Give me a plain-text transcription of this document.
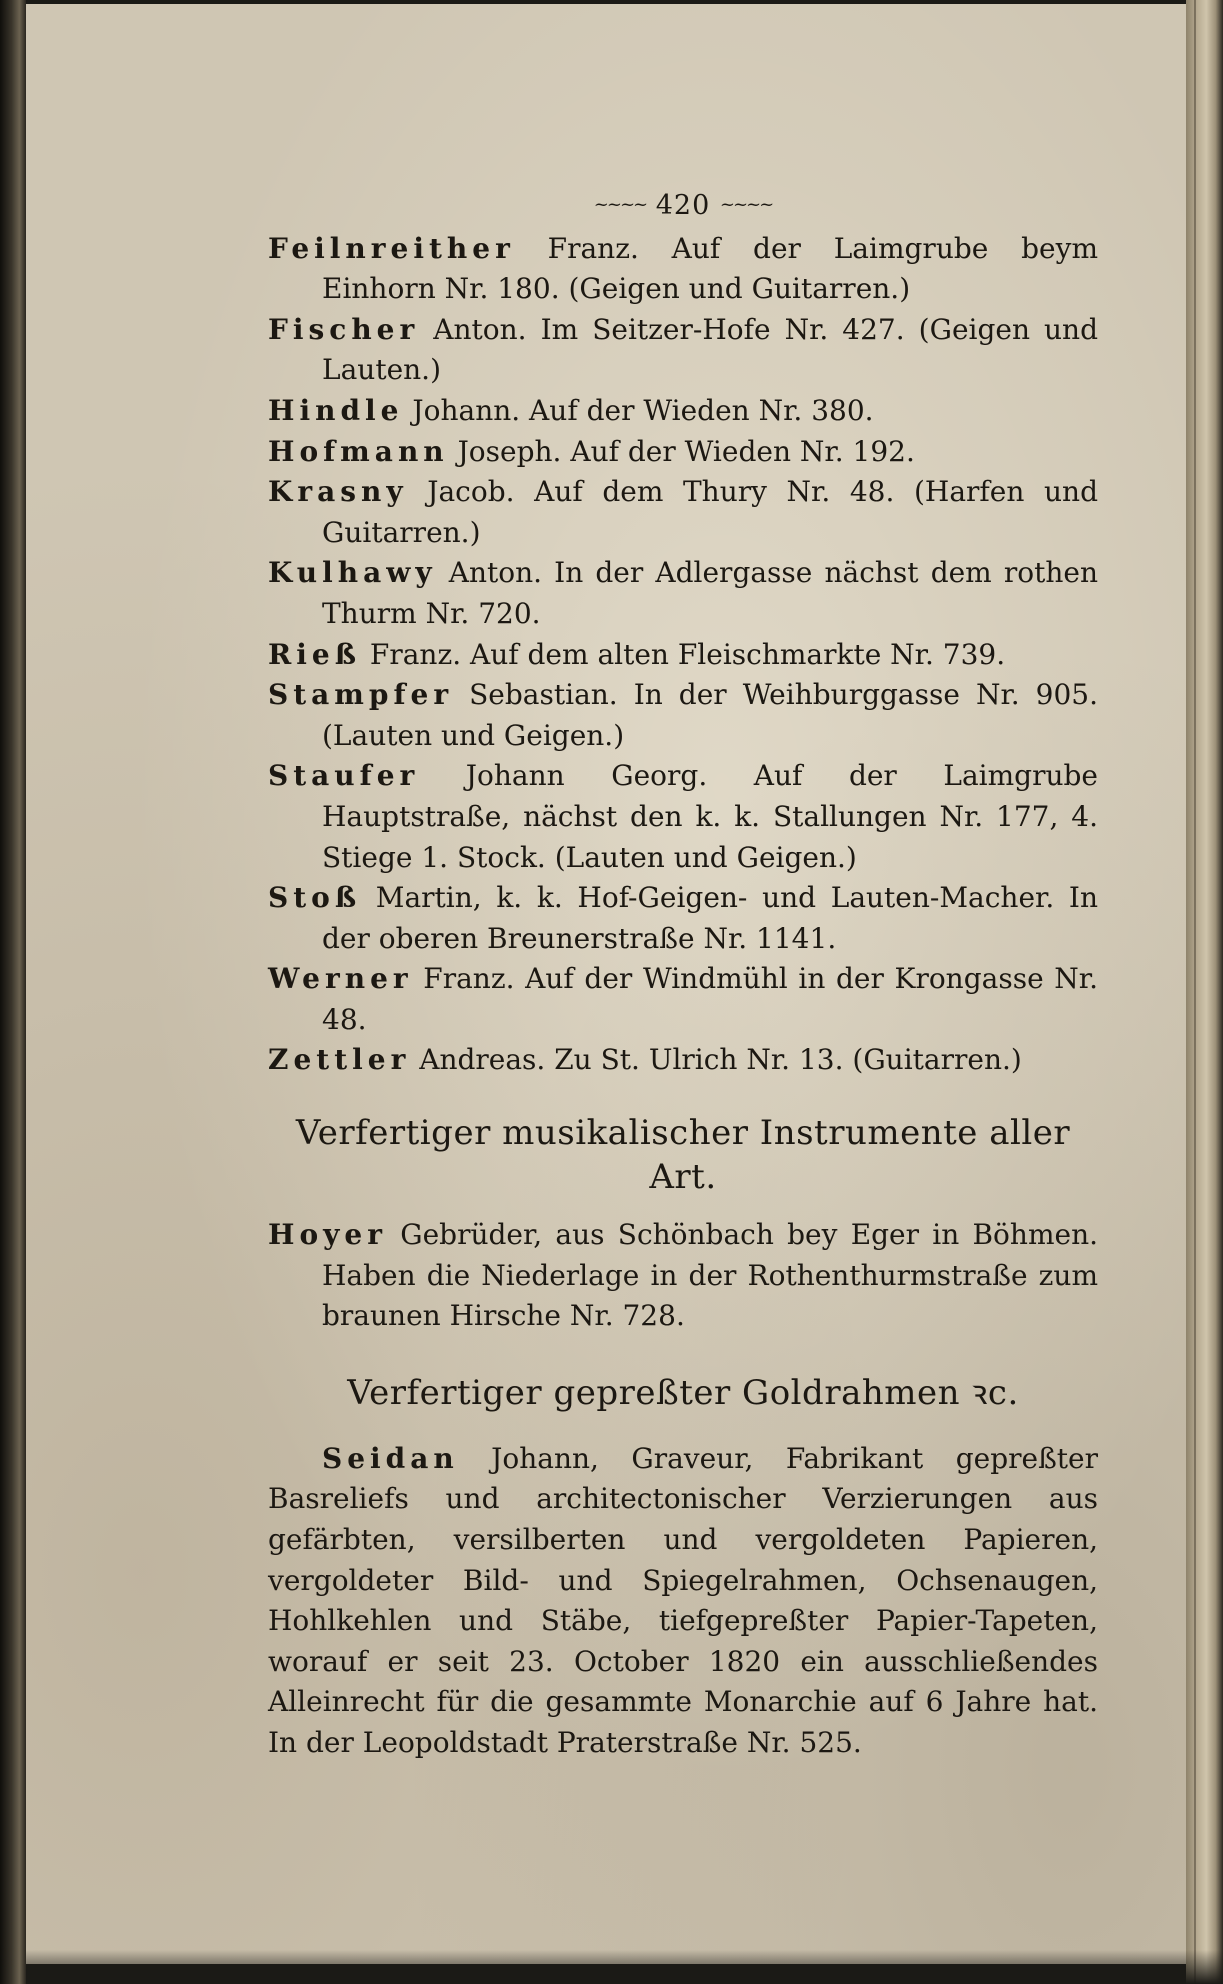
~~~~ 420 ~~~~

Feilnreither Franz. Auf der Laimgrube beym Einhorn Nr. 180. (Geigen und Guitarren.)

Fischer Anton. Im Seitzer-Hofe Nr. 427. (Geigen und Lauten.)

Hindle Johann. Auf der Wieden Nr. 380.

Hofmann Joseph. Auf der Wieden Nr. 192.

Krasny Jacob. Auf dem Thury Nr. 48. (Harfen und Guitarren.)

Kulhawy Anton. In der Adlergasse nächst dem rothen Thurm Nr. 720.

Rieß Franz. Auf dem alten Fleischmarkte Nr. 739.

Stampfer Sebastian. In der Weihburggasse Nr. 905. (Lauten und Geigen.)

Staufer Johann Georg. Auf der Laimgrube Hauptstraße, nächst den k. k. Stallungen Nr. 177, 4. Stiege 1. Stock. (Lauten und Geigen.)

Stoß Martin, k. k. Hof-Geigen- und Lauten-Macher. In der oberen Breunerstraße Nr. 1141.

Werner Franz. Auf der Windmühl in der Krongasse Nr. 48.

Zettler Andreas. Zu St. Ulrich Nr. 13. (Guitarren.)

Verfertiger musikalischer Instrumente aller Art.

Hoyer Gebrüder, aus Schönbach bey Eger in Böhmen. Haben die Niederlage in der Rothenthurmstraße zum braunen Hirsche Nr. 728.

Verfertiger gepreßter Goldrahmen ꝛc.

Seidan Johann, Graveur, Fabrikant gepreßter Basreliefs und architectonischer Verzierungen aus gefärbten, versilberten und vergoldeten Papieren, vergoldeter Bild- und Spiegelrahmen, Ochsenaugen, Hohlkehlen und Stäbe, tiefgepreßter Papier-Tapeten, worauf er seit 23. October 1820 ein ausschließendes Alleinrecht für die gesammte Monarchie auf 6 Jahre hat. In der Leopoldstadt Praterstraße Nr. 525.
